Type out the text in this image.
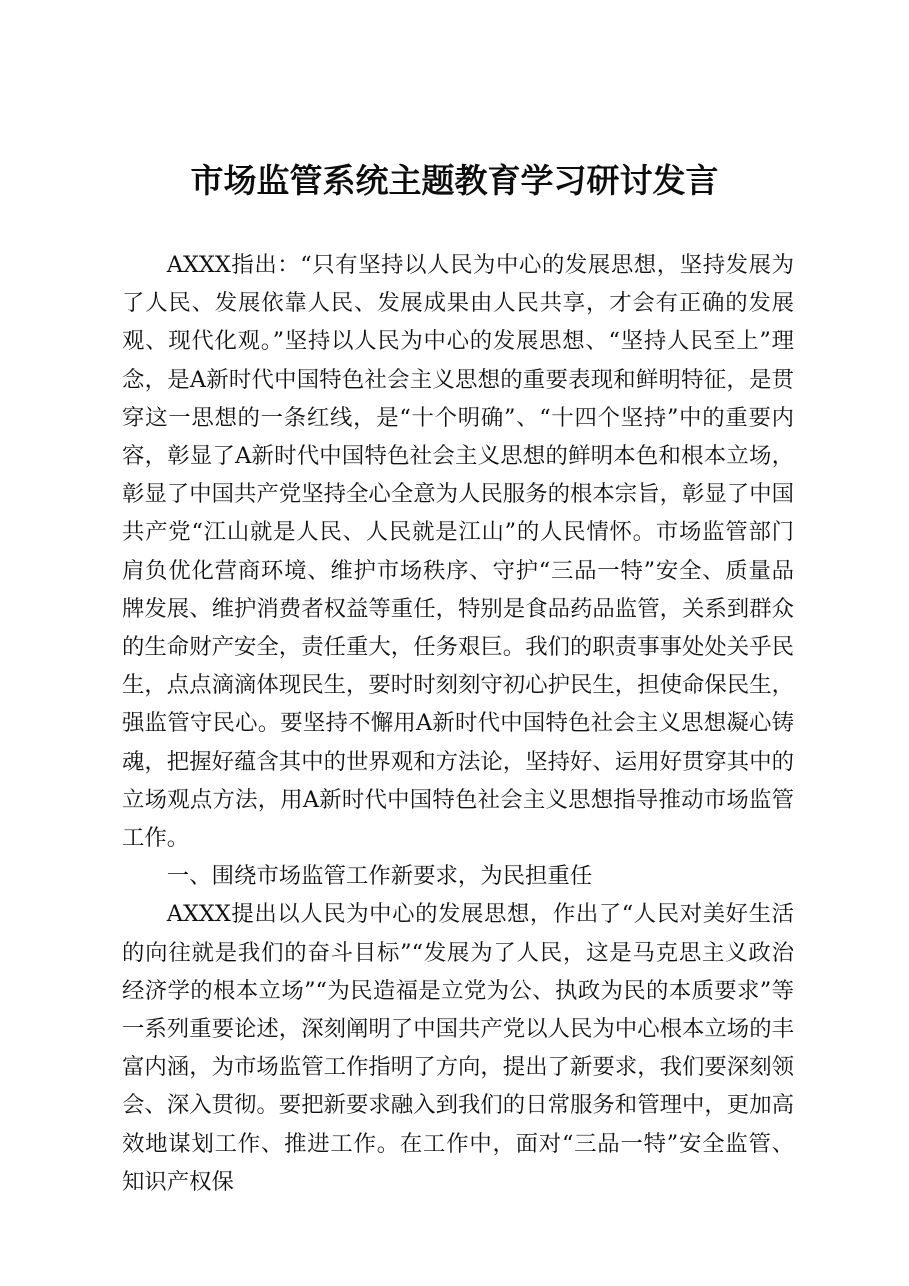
市场监管系统主题教育学习研讨发言

AXXX指出：“只有坚持以人民为中心的发展思想，坚持发展为了人民、发展依靠人民、发展成果由人民共享，才会有正确的发展观、现代化观。”坚持以人民为中心的发展思想、“坚持人民至上”理念，是A新时代中国特色社会主义思想的重要表现和鲜明特征，是贯穿这一思想的一条红线，是“十个明确”、“十四个坚持”中的重要内容，彰显了A新时代中国特色社会主义思想的鲜明本色和根本立场，彰显了中国共产党坚持全心全意为人民服务的根本宗旨，彰显了中国共产党“江山就是人民、人民就是江山”的人民情怀。市场监管部门肩负优化营商环境、维护市场秩序、守护“三品一特”安全、质量品牌发展、维护消费者权益等重任，特别是食品药品监管，关系到群众的生命财产安全，责任重大，任务艰巨。我们的职责事事处处关乎民生，点点滴滴体现民生，要时时刻刻守初心护民生，担使命保民生，强监管守民心。要坚持不懈用A新时代中国特色社会主义思想凝心铸魂，把握好蕴含其中的世界观和方法论，坚持好、运用好贯穿其中的立场观点方法，用A新时代中国特色社会主义思想指导推动市场监管工作。

一、围绕市场监管工作新要求，为民担重任

AXXX提出以人民为中心的发展思想，作出了“人民对美好生活的向往就是我们的奋斗目标”“发展为了人民，这是马克思主义政治经济学的根本立场”“为民造福是立党为公、执政为民的本质要求”等一系列重要论述，深刻阐明了中国共产党以人民为中心根本立场的丰富内涵，为市场监管工作指明了方向，提出了新要求，我们要深刻领会、深入贯彻。要把新要求融入到我们的日常服务和管理中，更加高效地谋划工作、推进工作。在工作中，面对“三品一特”安全监管、知识产权保
